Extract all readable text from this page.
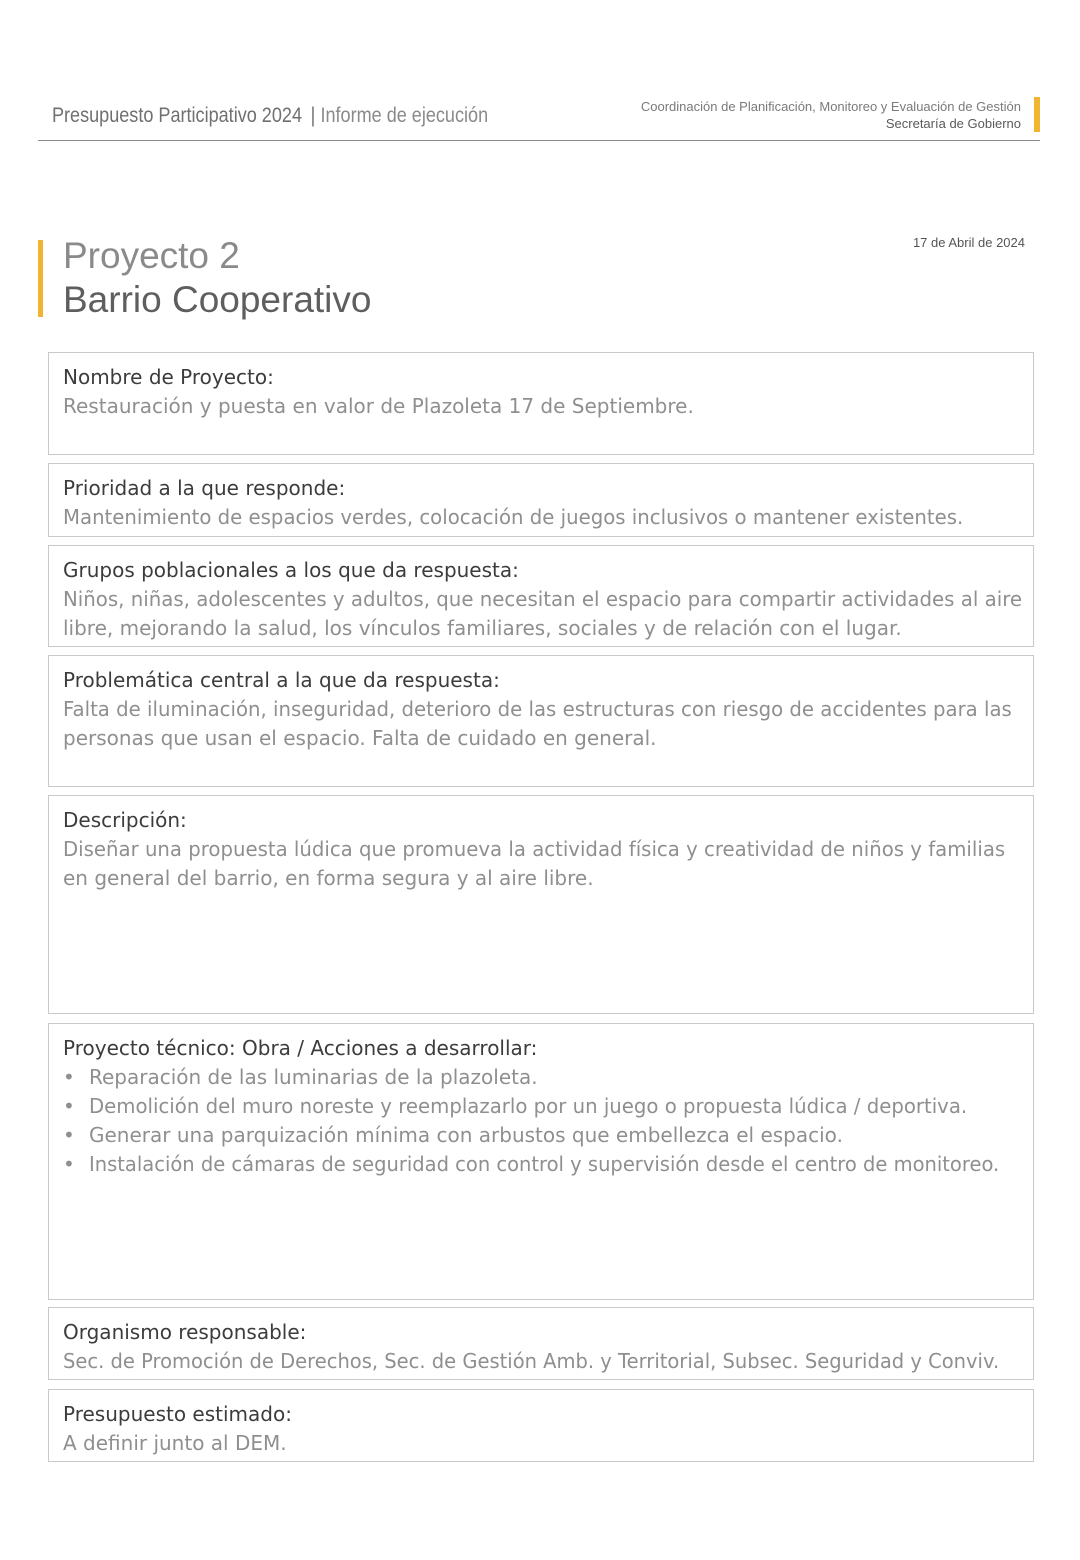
Presupuesto Participativo 2024 | Informe de ejecución	Coordinación de Planificación, Monitoreo y Evaluación de Gestión
Secretaría de Gobierno
Proyecto 2
Barrio Cooperativo
17 de Abril de 2024
Nombre de Proyecto:
Restauración y puesta en valor de Plazoleta 17 de Septiembre.
Prioridad a la que responde:
Mantenimiento de espacios verdes, colocación de juegos inclusivos o mantener existentes.
Grupos poblacionales a los que da respuesta:
Niños, niñas, adolescentes y adultos, que necesitan el espacio para compartir actividades al aire
libre, mejorando la salud, los vínculos familiares, sociales y de relación con el lugar.
Problemática central a la que da respuesta:
Falta de iluminación, inseguridad, deterioro de las estructuras con riesgo de accidentes para las
personas que usan el espacio. Falta de cuidado en general.
Descripción:
Diseñar una propuesta lúdica que promueva la actividad física y creatividad de niños y familias
en general del barrio, en forma segura y al aire libre.
Proyecto técnico: Obra / Acciones a desarrollar:
• Reparación de las luminarias de la plazoleta.
• Demolición del muro noreste y reemplazarlo por un juego o propuesta lúdica / deportiva.
• Generar una parquización mínima con arbustos que embellezca el espacio.
• Instalación de cámaras de seguridad con control y supervisión desde el centro de monitoreo.
Organismo responsable:
Sec. de Promoción de Derechos, Sec. de Gestión Amb. y Territorial, Subsec. Seguridad y Conviv.
Presupuesto estimado:
A definir junto al DEM.
